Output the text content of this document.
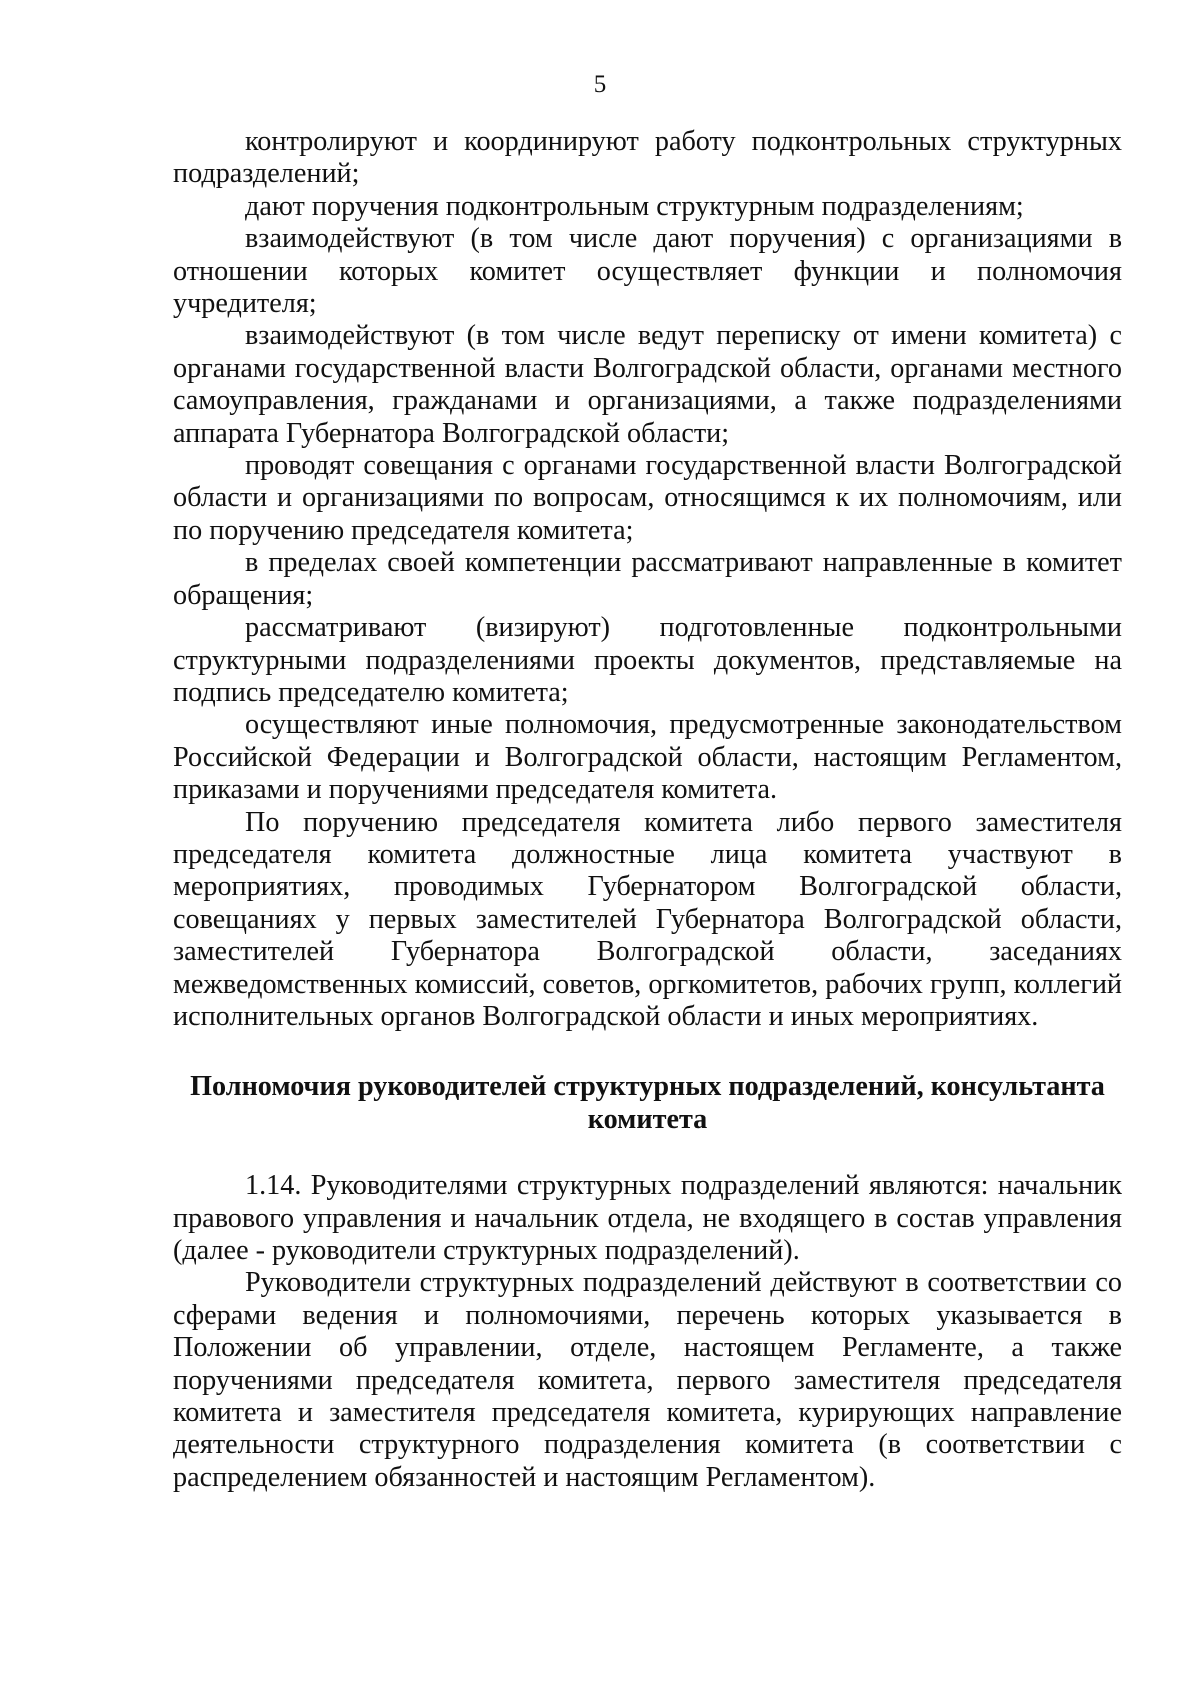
5

контролируют и координируют работу подконтрольных структурных подразделений;

дают поручения подконтрольным структурным подразделениям;

взаимодействуют (в том числе дают поручения) с организациями в отношении которых комитет осуществляет функции и полномочия учредителя;

взаимодействуют (в том числе ведут переписку от имени комитета) с органами государственной власти Волгоградской области, органами местного самоуправления, гражданами и организациями, а также подразделениями аппарата Губернатора Волгоградской области;

проводят совещания с органами государственной власти Волгоградской области и организациями по вопросам, относящимся к их полномочиям, или по поручению председателя комитета;

в пределах своей компетенции рассматривают направленные в комитет обращения;

рассматривают (визируют) подготовленные подконтрольными структурными подразделениями проекты документов, представляемые на подпись председателю комитета;

осуществляют иные полномочия, предусмотренные законодательством Российской Федерации и Волгоградской области, настоящим Регламентом, приказами и поручениями председателя комитета.

По поручению председателя комитета либо первого заместителя председателя комитета должностные лица комитета участвуют в мероприятиях, проводимых Губернатором Волгоградской области, совещаниях у первых заместителей Губернатора Волгоградской области, заместителей Губернатора Волгоградской области, заседаниях межведомственных комиссий, советов, оргкомитетов, рабочих групп, коллегий исполнительных органов Волгоградской области и иных мероприятиях.

Полномочия руководителей структурных подразделений, консультанта комитета

1.14. Руководителями структурных подразделений являются: начальник правового управления и начальник отдела, не входящего в состав управления (далее - руководители структурных подразделений).

Руководители структурных подразделений действуют в соответствии со сферами ведения и полномочиями, перечень которых указывается в Положении об управлении, отделе, настоящем Регламенте, а также поручениями председателя комитета, первого заместителя председателя комитета и заместителя председателя комитета, курирующих направление деятельности структурного подразделения комитета (в соответствии с распределением обязанностей и настоящим Регламентом).
